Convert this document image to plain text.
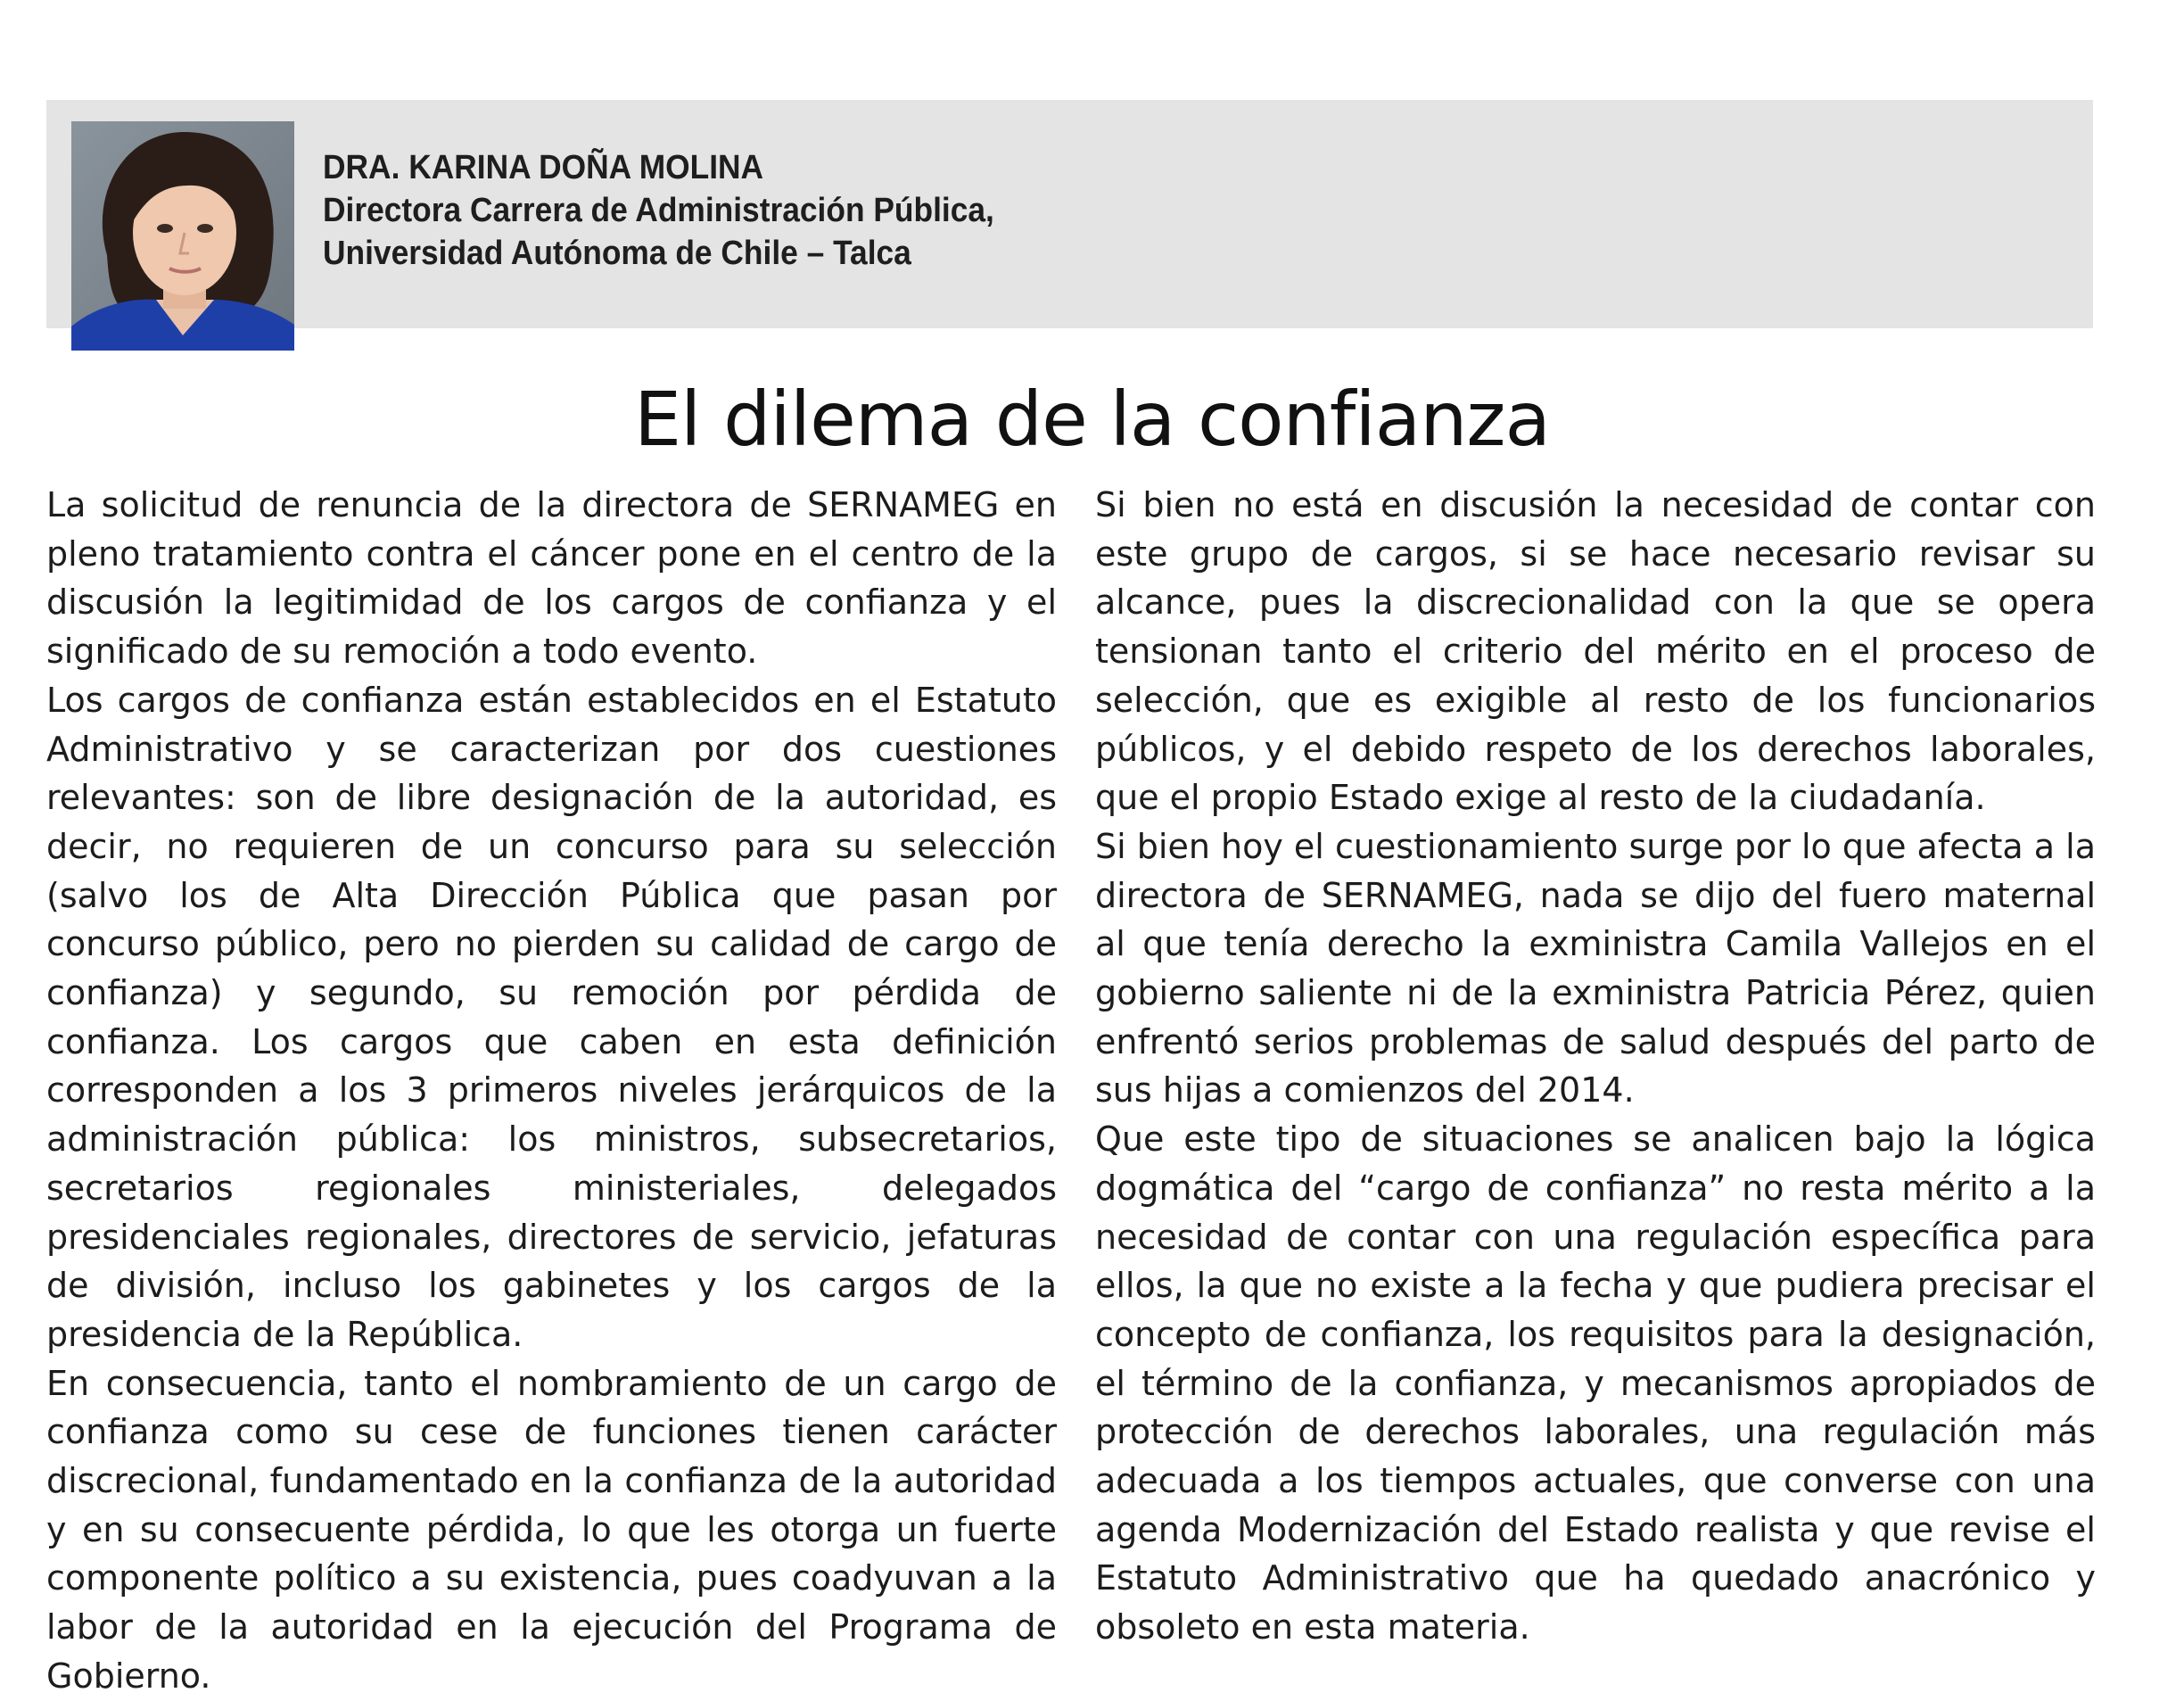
DRA. KARINA DOÑA MOLINA
Directora Carrera de Administración Pública,
Universidad Autónoma de Chile – Talca
El dilema de la confianza

La solicitud de renuncia de la directora de SERNAMEG en pleno tratamiento contra el cáncer pone en el centro de la discusión la legitimidad de los cargos de confianza y el significado de su remoción a todo evento.

Los cargos de confianza están establecidos en el Estatuto Administrativo y se caracterizan por dos cuestiones relevantes: son de libre designación de la autoridad, es decir, no requieren de un concurso para su selección (salvo los de Alta Dirección Pública que pasan por concurso público, pero no pierden su calidad de cargo de confianza) y segundo, su remoción por pérdida de confianza. Los cargos que caben en esta definición corresponden a los 3 primeros niveles jerárquicos de la administración pública: los ministros, subsecretarios, secretarios regionales ministeriales, delegados presidenciales regionales, directores de servicio, jefaturas de división, incluso los gabinetes y los cargos de la presidencia de la República.

En consecuencia, tanto el nombramiento de un cargo de confianza como su cese de funciones tienen carácter discrecional, fundamentado en la confianza de la autoridad y en su consecuente pérdida, lo que les otorga un fuerte componente político a su existencia, pues coadyuvan a la labor de la autoridad en la ejecución del Programa de Gobierno.

Si bien no está en discusión la necesidad de contar con este grupo de cargos, si se hace necesario revisar su alcance, pues la discrecionalidad con la que se opera tensionan tanto el criterio del mérito en el proceso de selección, que es exigible al resto de los funcionarios públicos, y el debido respeto de los derechos laborales, que el propio Estado exige al resto de la ciudadanía.

Si bien hoy el cuestionamiento surge por lo que afecta a la directora de SERNAMEG, nada se dijo del fuero maternal al que tenía derecho la exministra Camila Vallejos en el gobierno saliente ni de la exministra Patricia Pérez, quien enfrentó serios problemas de salud después del parto de sus hijas a comienzos del 2014.

Que este tipo de situaciones se analicen bajo la lógica dogmática del “cargo de confianza” no resta mérito a la necesidad de contar con una regulación específica para ellos, la que no existe a la fecha y que pudiera precisar el concepto de confianza, los requisitos para la designación, el término de la confianza, y mecanismos apropiados de protección de derechos laborales, una regulación más adecuada a los tiempos actuales, que converse con una agenda Modernización del Estado realista y que revise el Estatuto Administrativo que ha quedado anacrónico y obsoleto en esta materia.
